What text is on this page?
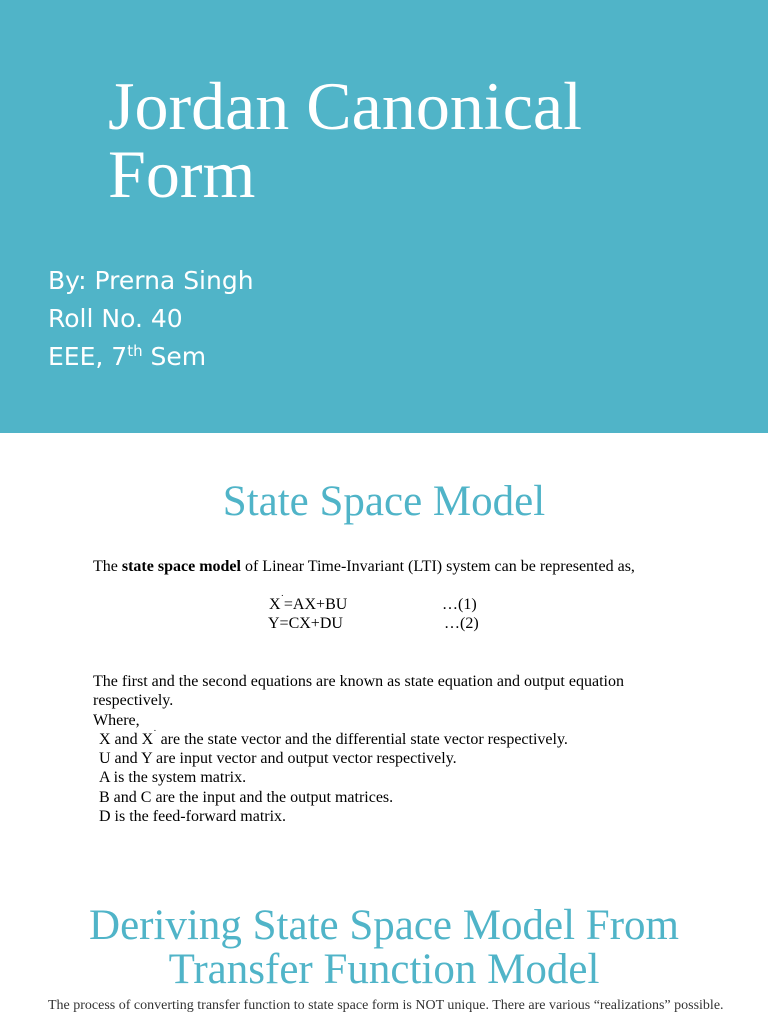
Jordan Canonical
Form
By: Prerna Singh
Roll No. 40
EEE, 7th Sem
State Space Model
The state space model of Linear Time-Invariant (LTI) system can be represented as,
X˙=AX+BU	…(1)
Y=CX+DU	…(2)
The first and the second equations are known as state equation and output equation
respectively.
Where,
X and X˙ are the state vector and the differential state vector respectively.
U and Y are input vector and output vector respectively.
A is the system matrix.
B and C are the input and the output matrices.
D is the feed-forward matrix.
Deriving State Space Model From
Transfer Function Model
The process of converting transfer function to state space form is NOT unique. There are various “realizations” possible.
